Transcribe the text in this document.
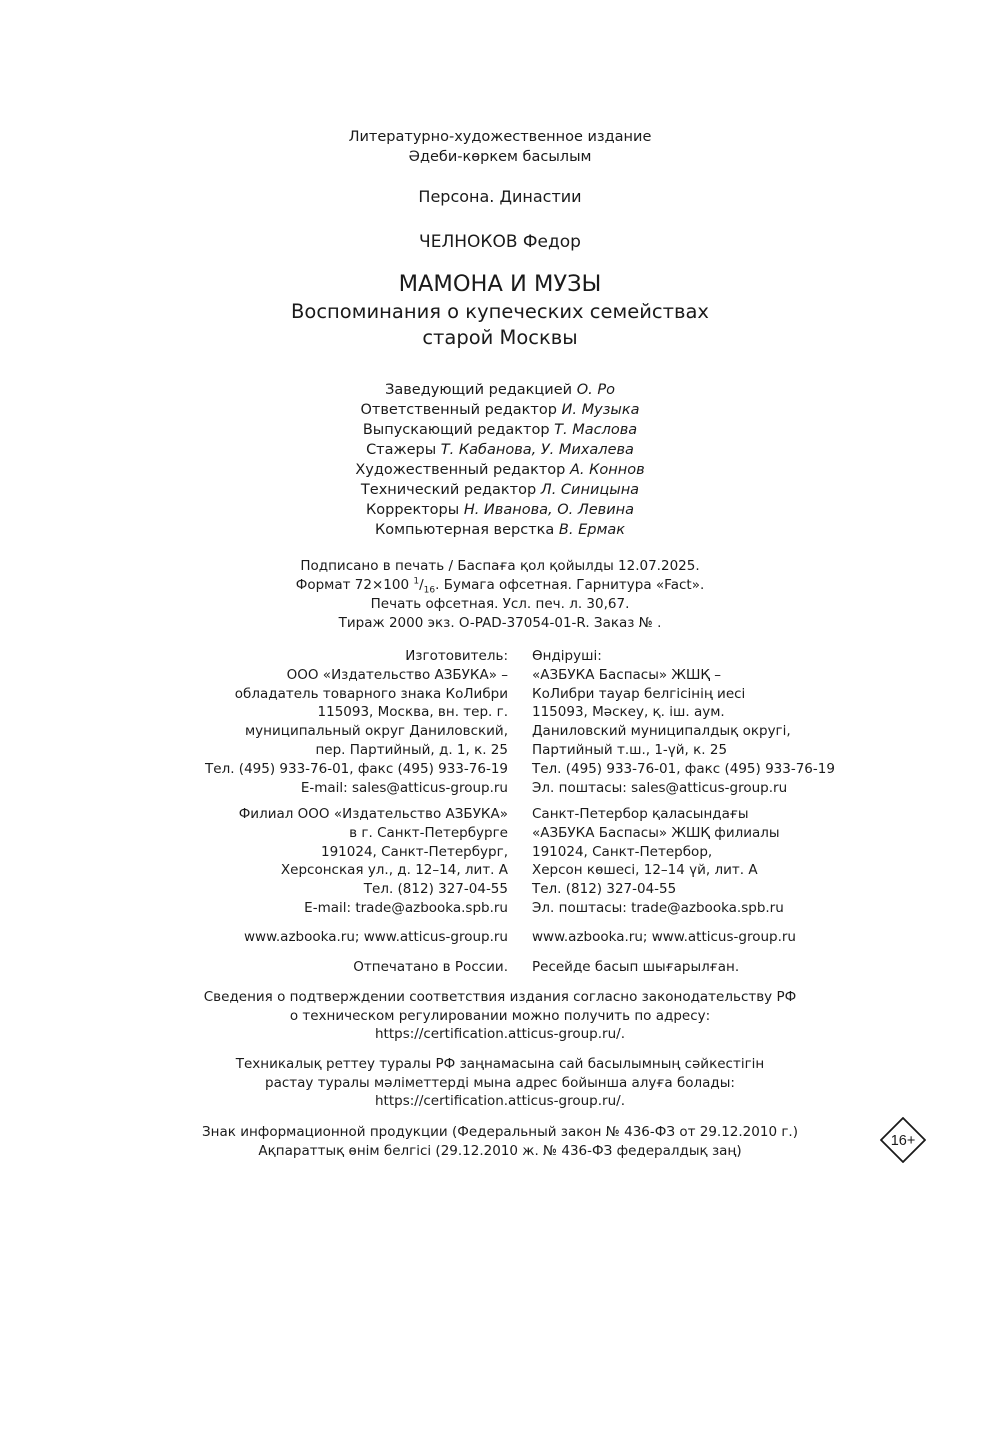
Литературно-художественное издание
Әдеби-көркем басылым
Персона. Династии
ЧЕЛНОКОВ Федор
МАМОНА И МУЗЫ
Воспоминания о купеческих семействах
старой Москвы
Заведующий редакцией О. Ро
Ответственный редактор И. Музыка
Выпускающий редактор Т. Маслова
Стажеры Т. Кабанова, У. Михалева
Художественный редактор А. Коннов
Технический редактор Л. Синицына
Корректоры Н. Иванова, О. Левина
Компьютерная верстка В. Ермак
Подписано в печать / Баспаға қол қойылды 12.07.2025.
Формат 72×100 $^1/_{16}$. Бумага офсетная. Гарнитура «Fact».
Печать офсетная. Усл. печ. л. 30,67.
Тираж 2000 экз. O-PAD-37054-01-R. Заказ № .
Изготовитель:
ООО «Издательство АЗБУКА» –
обладатель товарного знака КоЛибри
115093, Москва, вн. тер. г.
муниципальный округ Даниловский,
пер. Партийный, д. 1, к. 25
Тел. (495) 933-76-01, факс (495) 933-76-19
E-mail: sales@atticus-group.ru
Өндіруші:
«АЗБУКА Баспасы» ЖШҚ –
КоЛибри тауар белгісінің иесі
115093, Мәскеу, қ. іш. аум.
Даниловский муниципалдық округі,
Партийный т.ш., 1-үй, к. 25
Тел. (495) 933-76-01, факс (495) 933-76-19
Эл. поштасы: sales@atticus-group.ru
Филиал ООО «Издательство АЗБУКА»
в г. Санкт-Петербурге
191024, Санкт-Петербург,
Херсонская ул., д. 12–14, лит. А
Тел. (812) 327-04-55
E-mail: trade@azbooka.spb.ru
Санкт-Петербор қаласындағы
«АЗБУКА Баспасы» ЖШҚ филиалы
191024, Санкт-Петербор,
Херсон көшесі, 12–14 үй, лит. А
Тел. (812) 327-04-55
Эл. поштасы: trade@azbooka.spb.ru
www.azbooka.ru; www.atticus-group.ru www.azbooka.ru; www.atticus-group.ru
Отпечатано в России. Ресейде басып шығарылған.
Сведения о подтверждении соответствия издания согласно законодательству РФ
о техническом регулировании можно получить по адресу:
https://certification.atticus-group.ru/.
Техникалық реттеу туралы РФ заңнамасына сай басылымның сәйкестігін
растау туралы мәліметтерді мына адрес бойынша алуға болады:
https://certification.atticus-group.ru/.
Знак информационной продукции (Федеральный закон № 436-ФЗ от 29.12.2010 г.)
Ақпараттық өнім белгісі (29.12.2010 ж. № 436-ФЗ федералдық заң)
16+
